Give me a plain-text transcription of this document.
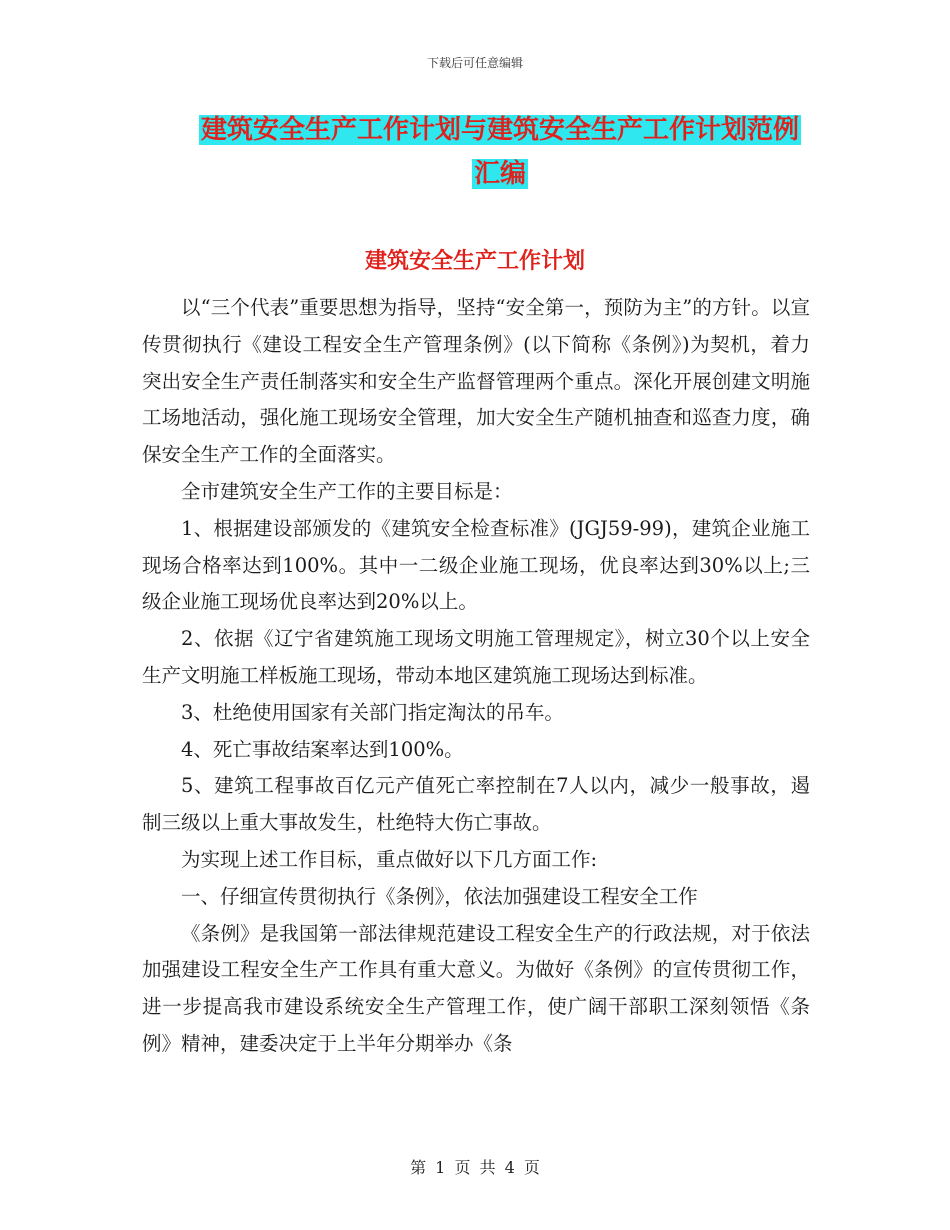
下载后可任意编辑
建筑安全生产工作计划与建筑安全生产工作计划范例
汇编
建筑安全生产工作计划

以“三个代表”重要思想为指导，坚持“安全第一，预防为主”的方针。以宣传贯彻执行《建设工程安全生产管理条例》(以下简称《条例》)为契机，着力突出安全生产责任制落实和安全生产监督管理两个重点。深化开展创建文明施工场地活动，强化施工现场安全管理，加大安全生产随机抽查和巡查力度，确保安全生产工作的全面落实。

全市建筑安全生产工作的主要目标是：

1、根据建设部颁发的《建筑安全检查标准》(JGJ59-99)，建筑企业施工现场合格率达到100%。其中一二级企业施工现场，优良率达到30%以上;三级企业施工现场优良率达到20%以上。

2、依据《辽宁省建筑施工现场文明施工管理规定》，树立30个以上安全生产文明施工样板施工现场，带动本地区建筑施工现场达到标准。

3、杜绝使用国家有关部门指定淘汰的吊车。

4、死亡事故结案率达到100%。

5、建筑工程事故百亿元产值死亡率控制在7人以内，减少一般事故，遏制三级以上重大事故发生，杜绝特大伤亡事故。

为实现上述工作目标，重点做好以下几方面工作:

一、仔细宣传贯彻执行《条例》，依法加强建设工程安全工作

《条例》是我国第一部法律规范建设工程安全生产的行政法规，对于依法加强建设工程安全生产工作具有重大意义。为做好《条例》的宣传贯彻工作，进一步提高我市建设系统安全生产管理工作，使广阔干部职工深刻领悟《条例》精神，建委决定于上半年分期举办《条

第 1 页 共 4 页
